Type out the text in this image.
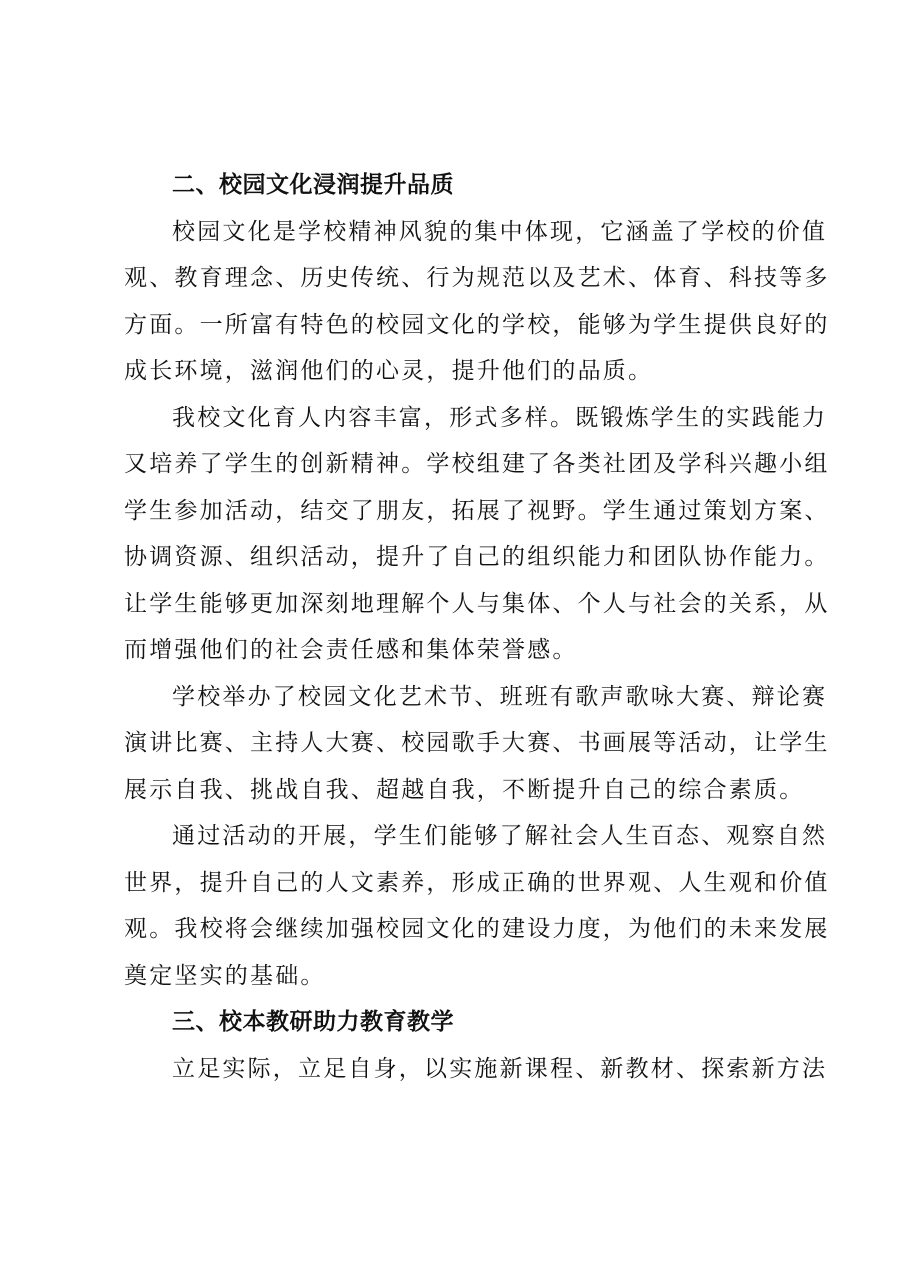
二、校园文化浸润提升品质

校园文化是学校精神风貌的集中体现，它涵盖了学校的价值
观、教育理念、历史传统、行为规范以及艺术、体育、科技等多
方面。一所富有特色的校园文化的学校，能够为学生提供良好的
成长环境，滋润他们的心灵，提升他们的品质。

我校文化育人内容丰富，形式多样。既锻炼学生的实践能力
又培养了学生的创新精神。学校组建了各类社团及学科兴趣小组
学生参加活动，结交了朋友，拓展了视野。学生通过策划方案、
协调资源、组织活动，提升了自己的组织能力和团队协作能力。
让学生能够更加深刻地理解个人与集体、个人与社会的关系，从
而增强他们的社会责任感和集体荣誉感。

学校举办了校园文化艺术节、班班有歌声歌咏大赛、辩论赛
演讲比赛、主持人大赛、校园歌手大赛、书画展等活动，让学生
展示自我、挑战自我、超越自我，不断提升自己的综合素质。

通过活动的开展，学生们能够了解社会人生百态、观察自然
世界，提升自己的人文素养，形成正确的世界观、人生观和价值
观。我校将会继续加强校园文化的建设力度，为他们的未来发展
奠定坚实的基础。

三、校本教研助力教育教学

立足实际，立足自身，以实施新课程、新教材、探索新方法
